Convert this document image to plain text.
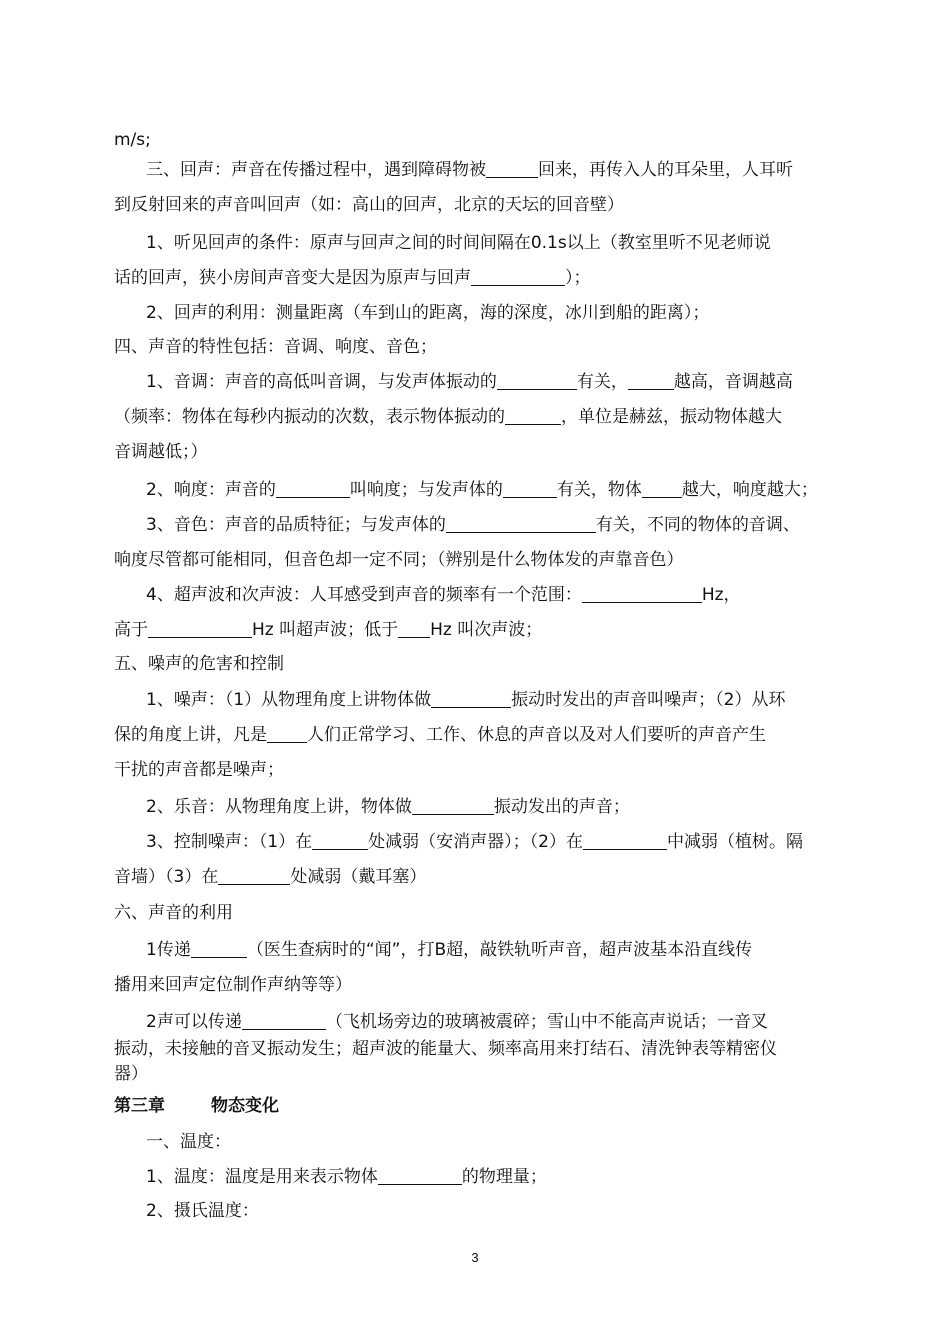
m/s;
三、回声：声音在传播过程中，遇到障碍物被	回来，再传入人的耳朵里，人耳听
到反射回来的声音叫回声（如：高山的回声，北京的天坛的回音壁）
1、听见回声的条件：原声与回声之间的时间间隔在0.1s以上（教室里听不见老师说
话的回声，狭小房间声音变大是因为原声与回声	）；
2、回声的利用：测量距离（车到山的距离，海的深度，冰川到船的距离）；
四、声音的特性包括：音调、响度、音色；
1、音调：声音的高低叫音调，与发声体振动的	有关，	越高，音调越高
（频率：物体在每秒内振动的次数，表示物体振动的	，单位是赫兹，振动物体越大
音调越低；）
2、响度：声音的	叫响度；与发声体的	有关，物体 越大，响度越大；
3、音色：声音的品质特征；与发声体的	有关，不同的物体的音调、
响度尽管都可能相同，但音色却一定不同；（辨别是什么物体发的声靠音色）
4、超声波和次声波：人耳感受到声音的频率有一个范围：	Hz，
高于	Hz 叫超声波；低于 Hz 叫次声波；
五、噪声的危害和控制
1、噪声：（1）从物理角度上讲物体做	振动时发出的声音叫噪声；（2）从环
保的角度上讲，凡是 人们正常学习、工作、休息的声音以及对人们要听的声音产生
干扰的声音都是噪声；
2、乐音：从物理角度上讲，物体做	振动发出的声音；
3、控制噪声：（1）在	处减弱（安消声器）；（2）在	中减弱（植树。隔
音墙）（3）在	处减弱（戴耳塞）
六、声音的利用
1传递	（医生查病时的“闻”，打B超，敲铁轨听声音，超声波基本沿直线传
播用来回声定位制作声纳等等）
2声可以传递	（飞机场旁边的玻璃被震碎；雪山中不能高声说话；一音叉
振动，未接触的音叉振动发生；超声波的能量大、频率高用来打结石、清洗钟表等精密仪
器）
第三章	物态变化
一、温度：
1、温度：温度是用来表示物体	的物理量；
2、摄氏温度：
3
